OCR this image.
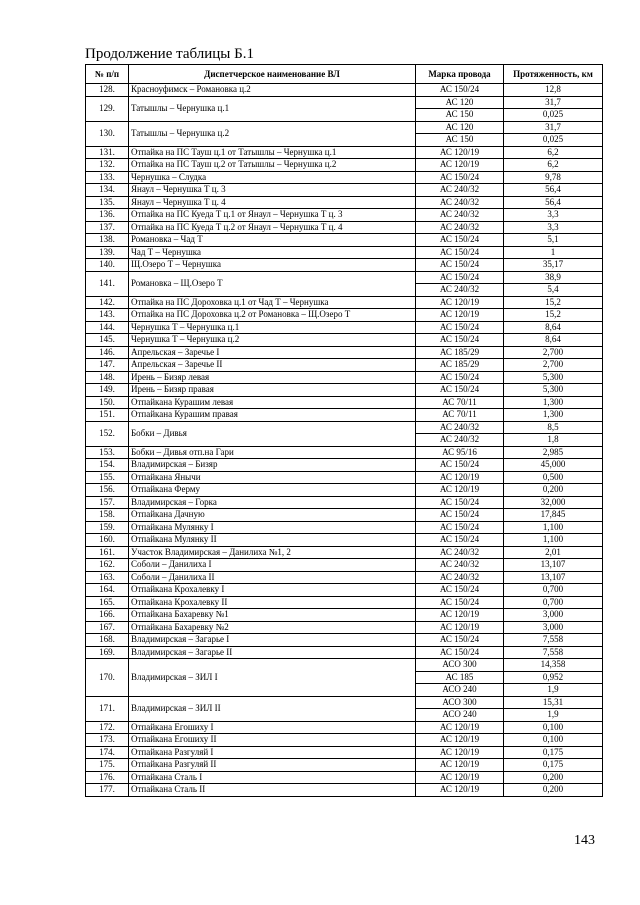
Продолжение таблицы Б.1
№ п/п	Диспетчерское наименование ВЛ	Марка провода	Протяженность, км
128.	Красноуфимск – Романовка ц.2	АС 150/24	12,8
129.	Татышлы – Чернушка ц.1	АС 120	31,7
		АС 150	0,025
130.	Татышлы – Чернушка ц.2	АС 120	31,7
		АС 150	0,025
131.	Отпайка на ПС Тауш ц.1 от Татышлы – Чернушка ц.1	АС 120/19	6,2
132.	Отпайка на ПС Тауш ц.2 от Татышлы – Чернушка ц.2	АС 120/19	6,2
133.	Чернушка – Слудка	АС 150/24	9,78
134.	Янаул – Чернушка Т ц. 3	АС 240/32	56,4
135.	Янаул – Чернушка Т ц. 4	АС 240/32	56,4
136.	Отпайка на ПС Куеда Т ц.1 от Янаул – Чернушка Т ц. 3	АС 240/32	3,3
137.	Отпайка на ПС Куеда Т ц.2 от Янаул – Чернушка Т ц. 4	АС 240/32	3,3
138.	Романовка – Чад Т	АС 150/24	5,1
139.	Чад Т – Чернушка	АС 150/24	1
140.	Щ.Озеро Т – Чернушка	АС 150/24	35,17
141.	Романовка – Щ.Озеро Т	АС 150/24	38,9
		АС 240/32	5,4
142.	Отпайка на ПС Дороховка ц.1 от Чад Т – Чернушка	АС 120/19	15,2
143.	Отпайка на ПС Дороховка ц.2 от Романовка – Щ.Озеро Т	АС 120/19	15,2
144.	Чернушка Т – Чернушка ц.1	АС 150/24	8,64
145.	Чернушка Т – Чернушка ц.2	АС 150/24	8,64
146.	Апрельская – Заречье I	АС 185/29	2,700
147.	Апрельская – Заречье II	АС 185/29	2,700
148.	Ирень – Бизяр левая	АС 150/24	5,300
149.	Ирень – Бизяр правая	АС 150/24	5,300
150.	Отпайкана Курашим левая	АС 70/11	1,300
151.	Отпайкана Курашим правая	АС 70/11	1,300
152.	Бобки – Дивья	АС 240/32	8,5
		АС 240/32	1,8
153.	Бобки – Дивья отп.на Гари	АС 95/16	2,985
154.	Владимирская – Бизяр	АС 150/24	45,000
155.	Отпайкана Янычи	АС 120/19	0,500
156.	Отпайкана Ферму	АС 120/19	0,200
157.	Владимирская – Горка	АС 150/24	32,000
158.	Отпайкана Дачную	АС 150/24	17,845
159.	Отпайкана Мулянку I	АС 150/24	1,100
160.	Отпайкана Мулянку II	АС 150/24	1,100
161.	Участок Владимирская – Данилиха №1, 2	АС 240/32	2,01
162.	Соболи – Данилиха I	АС 240/32	13,107
163.	Соболи – Данилиха II	АС 240/32	13,107
164.	Отпайкана Крохалевку I	АС 150/24	0,700
165.	Отпайкана Крохалевку II	АС 150/24	0,700
166.	Отпайкана Бахаревку №1	АС 120/19	3,000
167.	Отпайкана Бахаревку №2	АС 120/19	3,000
168.	Владимирская – Загарье I	АС 150/24	7,558
169.	Владимирская – Загарье II	АС 150/24	7,558
170.	Владимирская – ЗИЛ I	АСО 300	14,358
		АС 185	0,952
		АСО 240	1,9
171.	Владимирская – ЗИЛ II	АСО 300	15,31
		АСО 240	1,9
172.	Отпайкана Егошиху I	АС 120/19	0,100
173.	Отпайкана Егошиху II	АС 120/19	0,100
174.	Отпайкана Разгуляй I	АС 120/19	0,175
175.	Отпайкана Разгуляй II	АС 120/19	0,175
176.	Отпайкана Сталь I	АС 120/19	0,200
177.	Отпайкана Сталь II	АС 120/19	0,200
143
